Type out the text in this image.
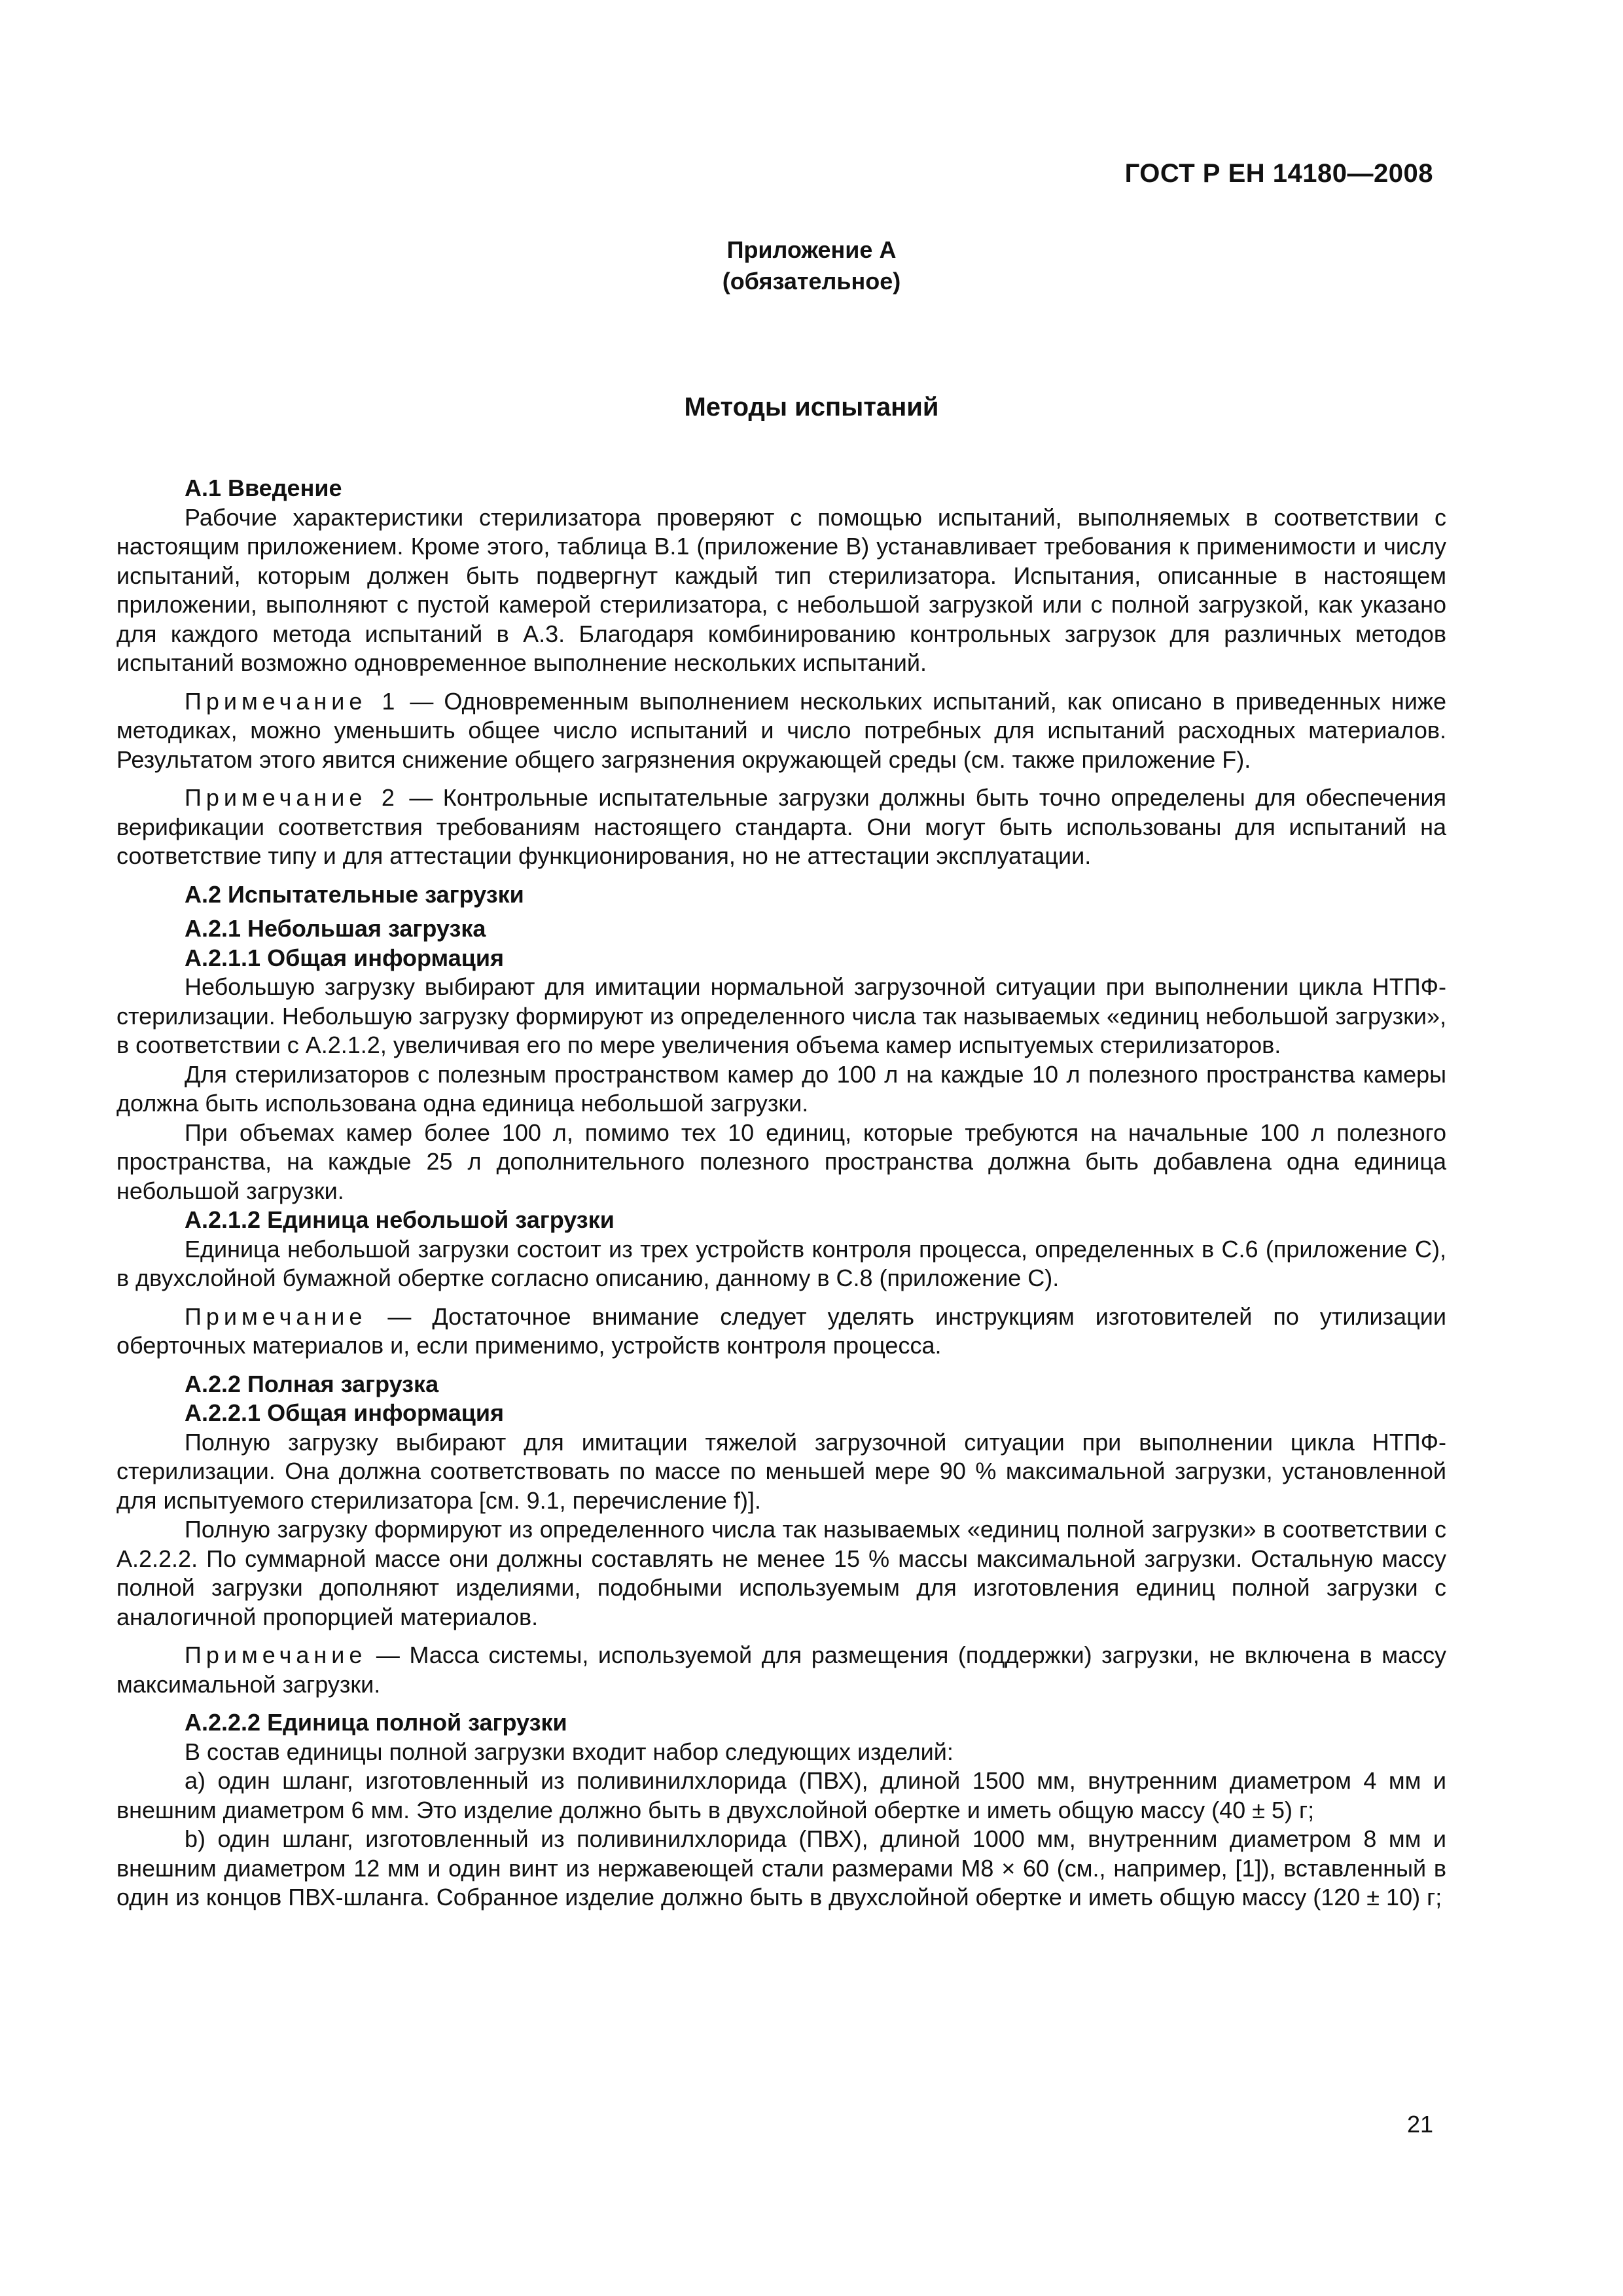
ГОСТ Р ЕН 14180—2008
Приложение А
(обязательное)
Методы испытаний
А.1 Введение

Рабочие характеристики стерилизатора проверяют с помощью испытаний, выполняемых в соответствии с настоящим приложением. Кроме этого, таблица В.1 (приложение В) устанавливает требования к применимости и числу испытаний, которым должен быть подвергнут каждый тип стерилизатора. Испытания, описанные в настоящем приложении, выполняют с пустой камерой стерилизатора, с небольшой загрузкой или с полной загрузкой, как указано для каждого метода испытаний в А.3. Благодаря комбинированию контрольных загрузок для различных методов испытаний возможно одновременное выполнение нескольких испытаний.

Примечание 1 — Одновременным выполнением нескольких испытаний, как описано в приведенных ниже методиках, можно уменьшить общее число испытаний и число потребных для испытаний расходных материалов. Результатом этого явится снижение общего загрязнения окружающей среды (см. также приложение F).

Примечание 2 — Контрольные испытательные загрузки должны быть точно определены для обеспечения верификации соответствия требованиям настоящего стандарта. Они могут быть использованы для испытаний на соответствие типу и для аттестации функционирования, но не аттестации эксплуатации.

А.2 Испытательные загрузки
А.2.1 Небольшая загрузка
А.2.1.1 Общая информация

Небольшую загрузку выбирают для имитации нормальной загрузочной ситуации при выполнении цикла НТПФ-стерилизации. Небольшую загрузку формируют из определенного числа так называемых «единиц небольшой загрузки», в соответствии с А.2.1.2, увеличивая его по мере увеличения объема камер испытуемых стерилизаторов.

Для стерилизаторов с полезным пространством камер до 100 л на каждые 10 л полезного пространства камеры должна быть использована одна единица небольшой загрузки.

При объемах камер более 100 л, помимо тех 10 единиц, которые требуются на начальные 100 л полезного пространства, на каждые 25 л дополнительного полезного пространства должна быть добавлена одна единица небольшой загрузки.

А.2.1.2 Единица небольшой загрузки

Единица небольшой загрузки состоит из трех устройств контроля процесса, определенных в С.6 (приложение С), в двухслойной бумажной обертке согласно описанию, данному в С.8 (приложение С).

Примечание — Достаточное внимание следует уделять инструкциям изготовителей по утилизации оберточных материалов и, если применимо, устройств контроля процесса.

А.2.2 Полная загрузка
А.2.2.1 Общая информация

Полную загрузку выбирают для имитации тяжелой загрузочной ситуации при выполнении цикла НТПФ-стерилизации. Она должна соответствовать по массе по меньшей мере 90 % максимальной загрузки, установленной для испытуемого стерилизатора [см. 9.1, перечисление f)].

Полную загрузку формируют из определенного числа так называемых «единиц полной загрузки» в соответствии с А.2.2.2. По суммарной массе они должны составлять не менее 15 % массы максимальной загрузки. Остальную массу полной загрузки дополняют изделиями, подобными используемым для изготовления единиц полной загрузки с аналогичной пропорцией материалов.

Примечание — Масса системы, используемой для размещения (поддержки) загрузки, не включена в массу максимальной загрузки.

А.2.2.2 Единица полной загрузки

В состав единицы полной загрузки входит набор следующих изделий:

a) один шланг, изготовленный из поливинилхлорида (ПВХ), длиной 1500 мм, внутренним диаметром 4 мм и внешним диаметром 6 мм. Это изделие должно быть в двухслойной обертке и иметь общую массу (40 ± 5) г;

b) один шланг, изготовленный из поливинилхлорида (ПВХ), длиной 1000 мм, внутренним диаметром 8 мм и внешним диаметром 12 мм и один винт из нержавеющей стали размерами М8 × 60 (см., например, [1]), вставленный в один из концов ПВХ-шланга. Собранное изделие должно быть в двухслойной обертке и иметь общую массу (120 ± 10) г;

21
